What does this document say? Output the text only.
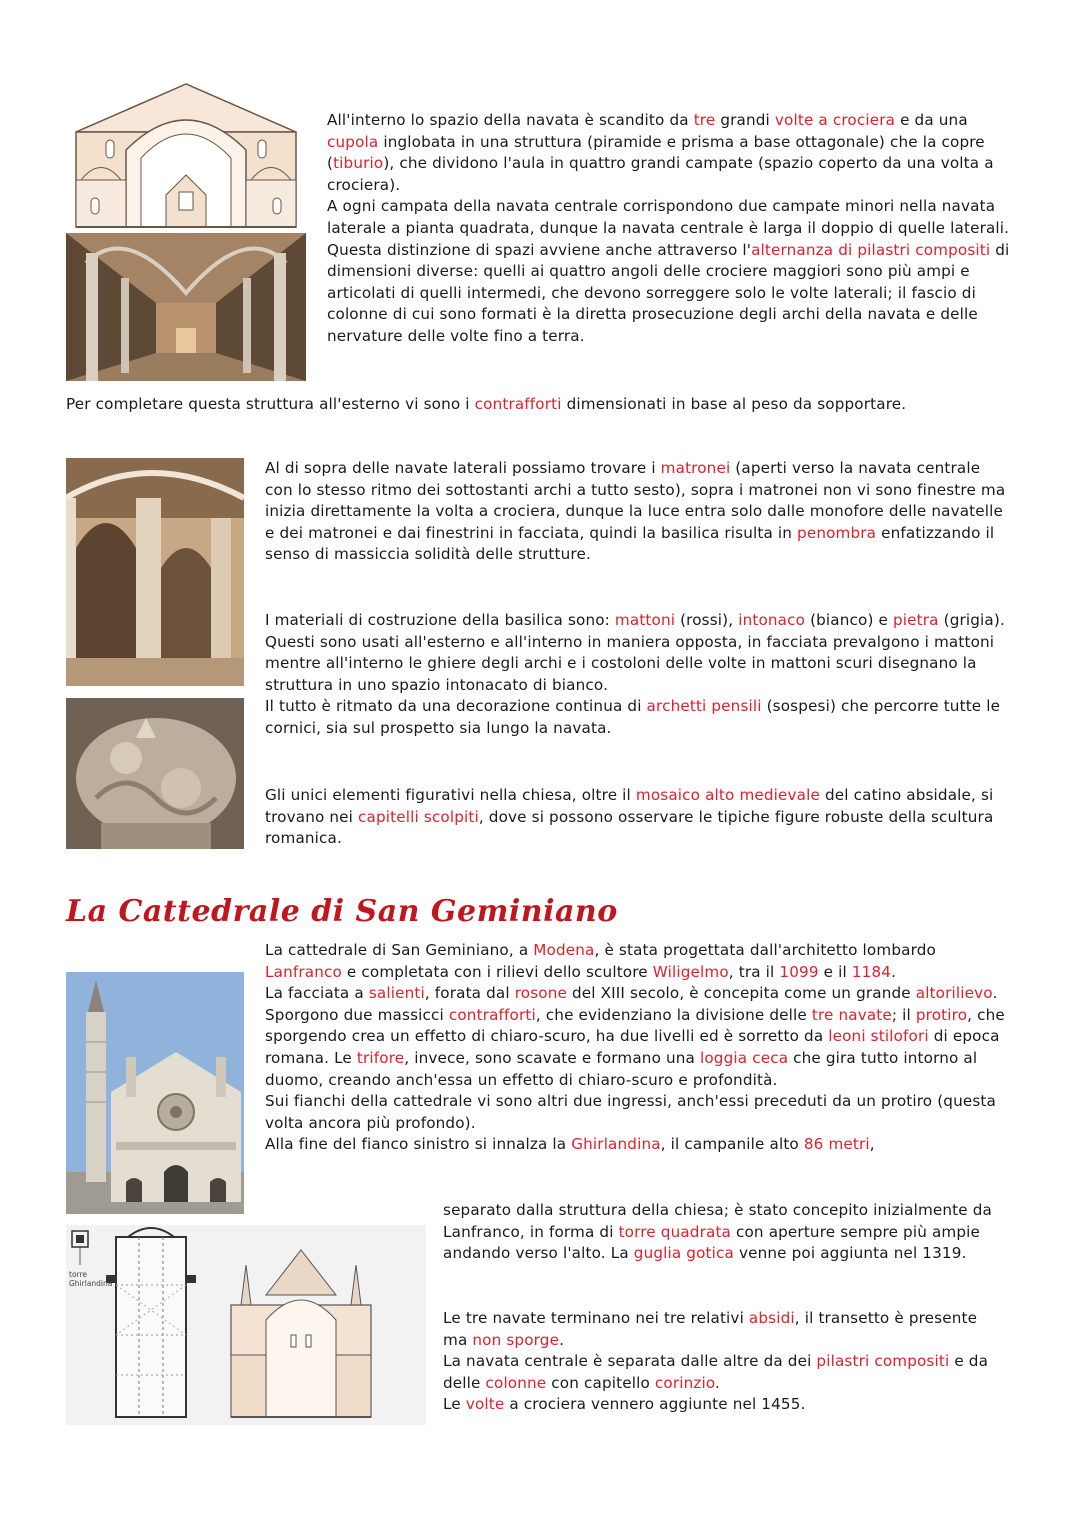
All'interno lo spazio della navata è scandito da tre grandi volte a crociera e da una cupola inglobata in una struttura (piramide e prisma a base ottagonale) che la copre (tiburio), che dividono l'aula in quattro grandi campate (spazio coperto da una volta a crociera).

A ogni campata della navata centrale corrispondono due campate minori nella navata laterale a pianta quadrata, dunque la navata centrale è larga il doppio di quelle laterali. Questa distinzione di spazi avviene anche attraverso l'alternanza di pilastri compositi di dimensioni diverse: quelli ai quattro angoli delle crociere maggiori sono più ampi e articolati di quelli intermedi, che devono sorreggere solo le volte laterali; il fascio di colonne di cui sono formati è la diretta prosecuzione degli archi della navata e delle nervature delle volte fino a terra.

Per completare questa struttura all'esterno vi sono i contrafforti dimensionati in base al peso da sopportare.

Al di sopra delle navate laterali possiamo trovare i matronei (aperti verso la navata centrale con lo stesso ritmo dei sottostanti archi a tutto sesto), sopra i matronei non vi sono finestre ma inizia direttamente la volta a crociera, dunque la luce entra solo dalle monofore delle navatelle e dei matronei e dai finestrini in facciata, quindi la basilica risulta in penombra enfatizzando il senso di massiccia solidità delle strutture.

I materiali di costruzione della basilica sono: mattoni (rossi), intonaco (bianco) e pietra (grigia). Questi sono usati all'esterno e all'interno in maniera opposta, in facciata prevalgono i mattoni mentre all'interno le ghiere degli archi e i costoloni delle volte in mattoni scuri disegnano la struttura in uno spazio intonacato di bianco.

Il tutto è ritmato da una decorazione continua di archetti pensili (sospesi) che percorre tutte le cornici, sia sul prospetto sia lungo la navata.

Gli unici elementi figurativi nella chiesa, oltre il mosaico alto medievale del catino absidale, si trovano nei capitelli scolpiti, dove si possono osservare le tipiche figure robuste della scultura romanica.

La Cattedrale di San Geminiano

La cattedrale di San Geminiano, a Modena, è stata progettata dall'architetto lombardo Lanfranco e completata con i rilievi dello scultore Wiligelmo, tra il 1099 e il 1184.

La facciata a salienti, forata dal rosone del XIII secolo, è concepita come un grande altorilievo. Sporgono due massicci contrafforti, che evidenziano la divisione delle tre navate; il protiro, che sporgendo crea un effetto di chiaro-scuro, ha due livelli ed è sorretto da leoni stilofori di epoca romana. Le trifore, invece, sono scavate e formano una loggia ceca che gira tutto intorno al duomo, creando anch'essa un effetto di chiaro-scuro e profondità.

Sui fianchi della cattedrale vi sono altri due ingressi, anch'essi preceduti da un protiro (questa volta ancora più profondo).

Alla fine del fianco sinistro si innalza la Ghirlandina, il campanile alto 86 metri,

torre Ghirlandina

separato dalla struttura della chiesa; è stato concepito inizialmente da Lanfranco, in forma di torre quadrata con aperture sempre più ampie andando verso l'alto. La guglia gotica venne poi aggiunta nel 1319.

Le tre navate terminano nei tre relativi absidi, il transetto è presente ma non sporge.

La navata centrale è separata dalle altre da dei pilastri compositi e da delle colonne con capitello corinzio.

Le volte a crociera vennero aggiunte nel 1455.
